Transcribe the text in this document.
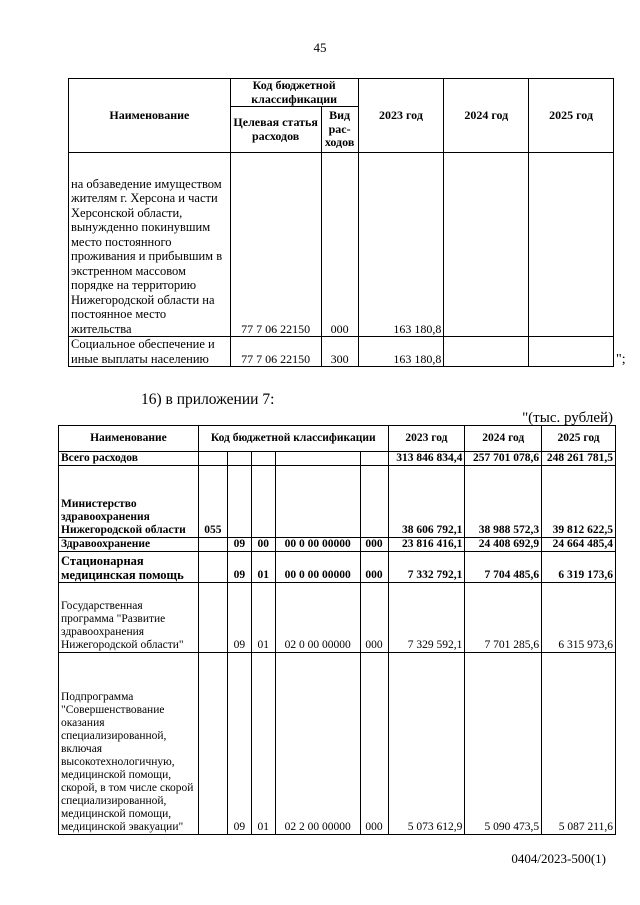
45
Наименование	Код бюджетной классификации		2023 год	2024 год	2025 год
	Целевая статья расходов	Вид рас-ходов			
на обзаведение имуществом жителям г. Херсона и части Херсонской области, вынужденно покинувшим место постоянного проживания и прибывшим в экстренном массовом порядке на территорию Нижегородской области на постоянное место жительства	77 7 06 22150	000	163 180,8		
Социальное обеспечение и иные выплаты населению	77 7 06 22150	300	163 180,8			";
16) в приложении 7:
"(тыс. рублей)
Наименование	Код бюджетной классификации					2023 год	2024 год	2025 год
Всего расходов						313 846 834,4	257 701 078,6	248 261 781,5
Министерство здравоохранения Нижегородской области	055					38 606 792,1	38 988 572,3	39 812 622,5
Здравоохранение		09	00	00 0 00 00000	000	23 816 416,1	24 408 692,9	24 664 485,4
Стационарная медицинская помощь		09	01	00 0 00 00000	000	7 332 792,1	7 704 485,6	6 319 173,6
Государственная программа "Развитие здравоохранения Нижегородской области"		09	01	02 0 00 00000	000	7 329 592,1	7 701 285,6	6 315 973,6
Подпрограмма "Совершенствование оказания специализированной, включая высокотехнологичную, медицинской помощи, скорой, в том числе скорой специализированной, медицинской помощи, медицинской эвакуации"		09	01	02 2 00 00000	000	5 073 612,9	5 090 473,5	5 087 211,6
0404/2023-500(1)
